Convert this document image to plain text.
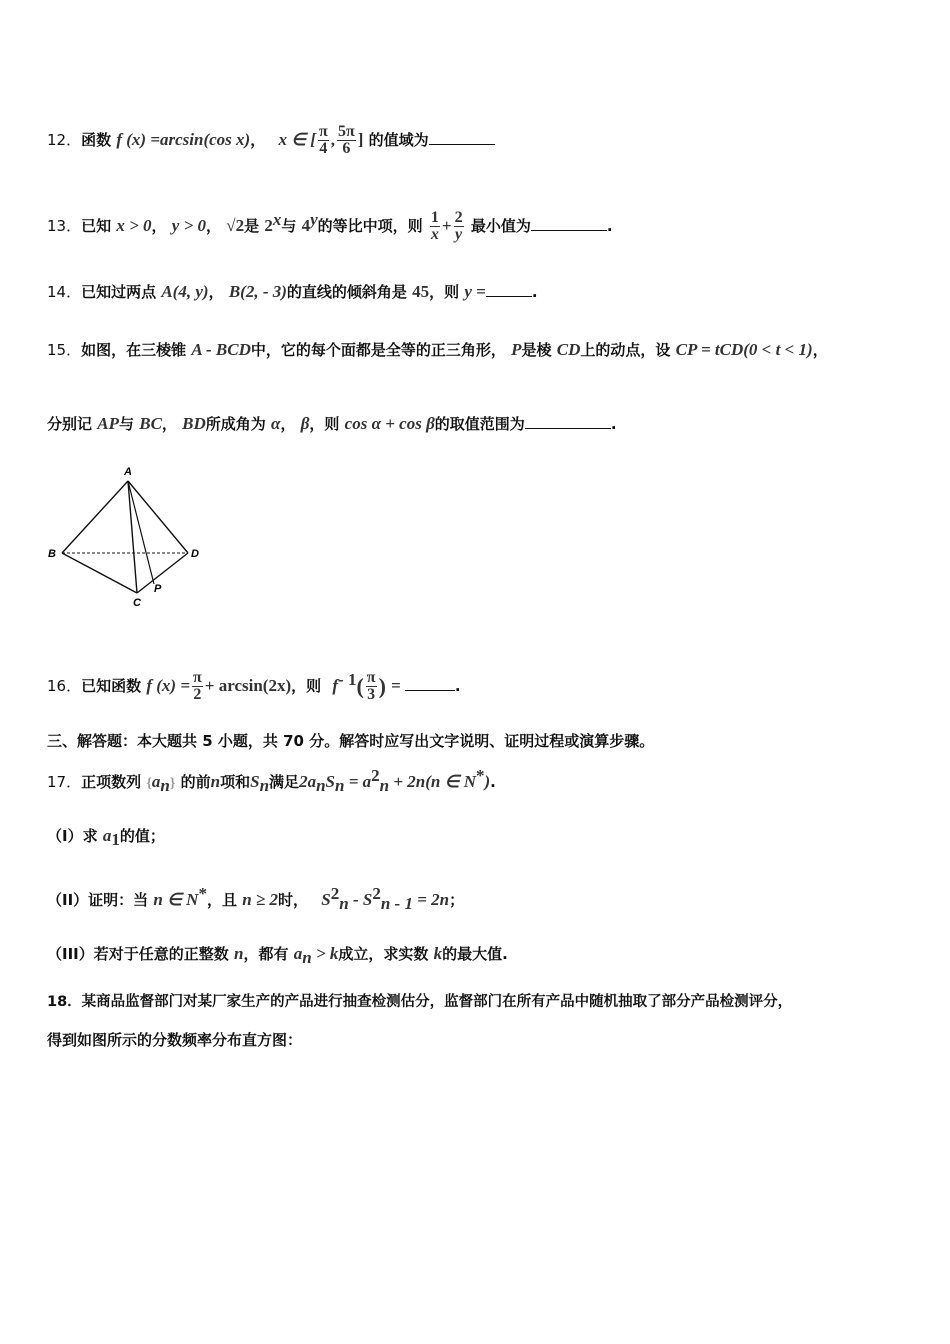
12．函数 f (x) =arcsin(cos x)， x ∈ [ $\frac{\pi}{4}$ , $\frac{5\pi}{6}$ ] 的值域为
13．已知 x > 0， y > 0， √2是 2$^x$与 4$^y$的等比中项，则 $\frac{1}{x} + \frac{2}{y}$ 最小值为	.
14．已知过两点 A(4, y)， B(2, - 3)的直线的倾斜角是 45，则 y =	.
15．如图，在三棱锥 A - BCD中，它的每个面都是全等的正三角形， P是棱 CD上的动点，设 CP = tCD(0 < t < 1)，
分别记 AP与 BC， BD所成角为 α， β，则 cos α + cos β的取值范围为	.
A
B
C
D
P
16．已知函数 f $(x) = \frac{\pi}{2} + \arcsin(2x)$，则 $f^{- 1}( \frac{\pi}{3}$ ) =	.
三、解答题：本大题共 5 小题，共 70 分。解答时应写出文字说明、证明过程或演算步骤。
17．正项数列 $\{a_n\}$ 的前n项和$S_n$满足$2a_nS_n = a^2_n + 2n(n$ ∈ N*).
（I）求 $a_1$的值；
（II）证明：当 n ∈ N*，且 n ≥ 2时， $S^2_n - S^2_{n - 1} = 2n$；
（III）若对于任意的正整数 n，都有 $a_n > k$成立，求实数 k的最大值.
18．某商品监督部门对某厂家生产的产品进行抽查检测估分，监督部门在所有产品中随机抽取了部分产品检测评分，
得到如图所示的分数频率分布直方图：
